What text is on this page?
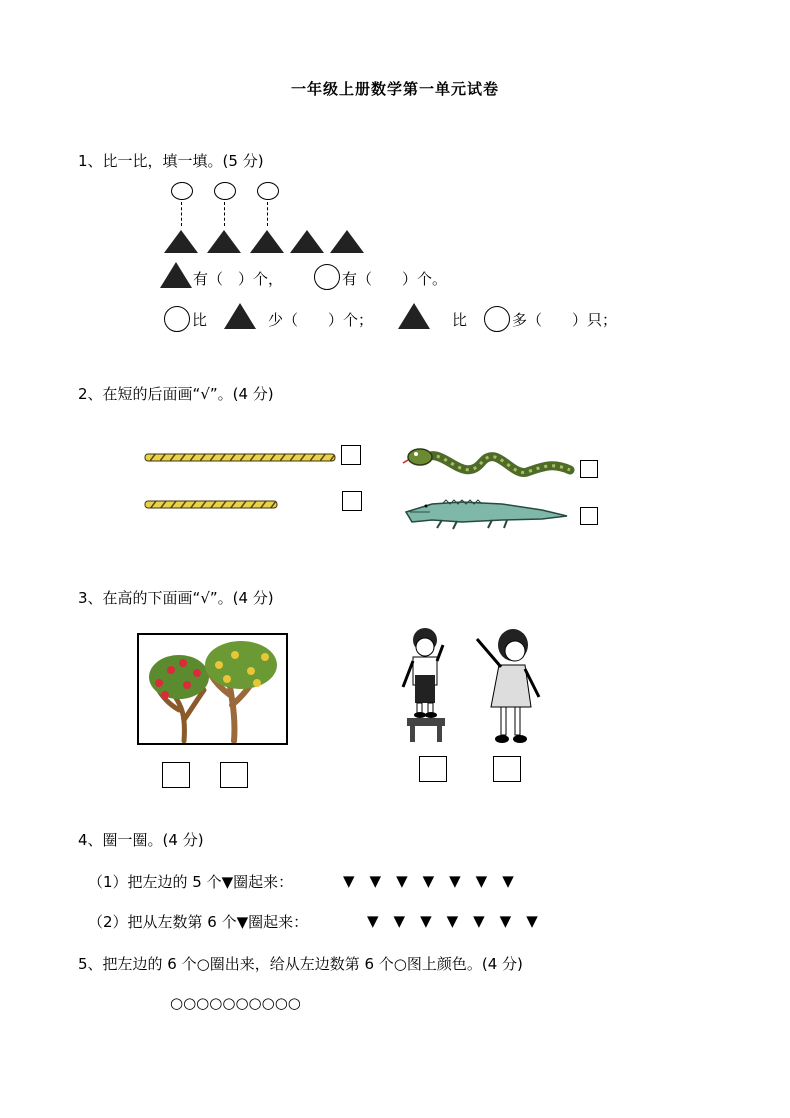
一年级上册数学第一单元试卷
1、比一比，填一填。(5 分)
有（　）个，	有（　　）个。
比	少（　　）个；	比	多（　　）只；
2、在短的后面画“√”。(4 分)
3、在高的下面画“√”。(4 分)
4、圈一圈。(4 分)
（1）把左边的 5 个▼圈起来：	▼　▼　▼　▼　▼　▼　▼
（2）把从左数第 6 个▼圈起来：	▼　▼　▼　▼　▼　▼　▼
5、把左边的 6 个○圈出来，给从左边数第 6 个○图上颜色。(4 分)
○○○○○○○○○○
